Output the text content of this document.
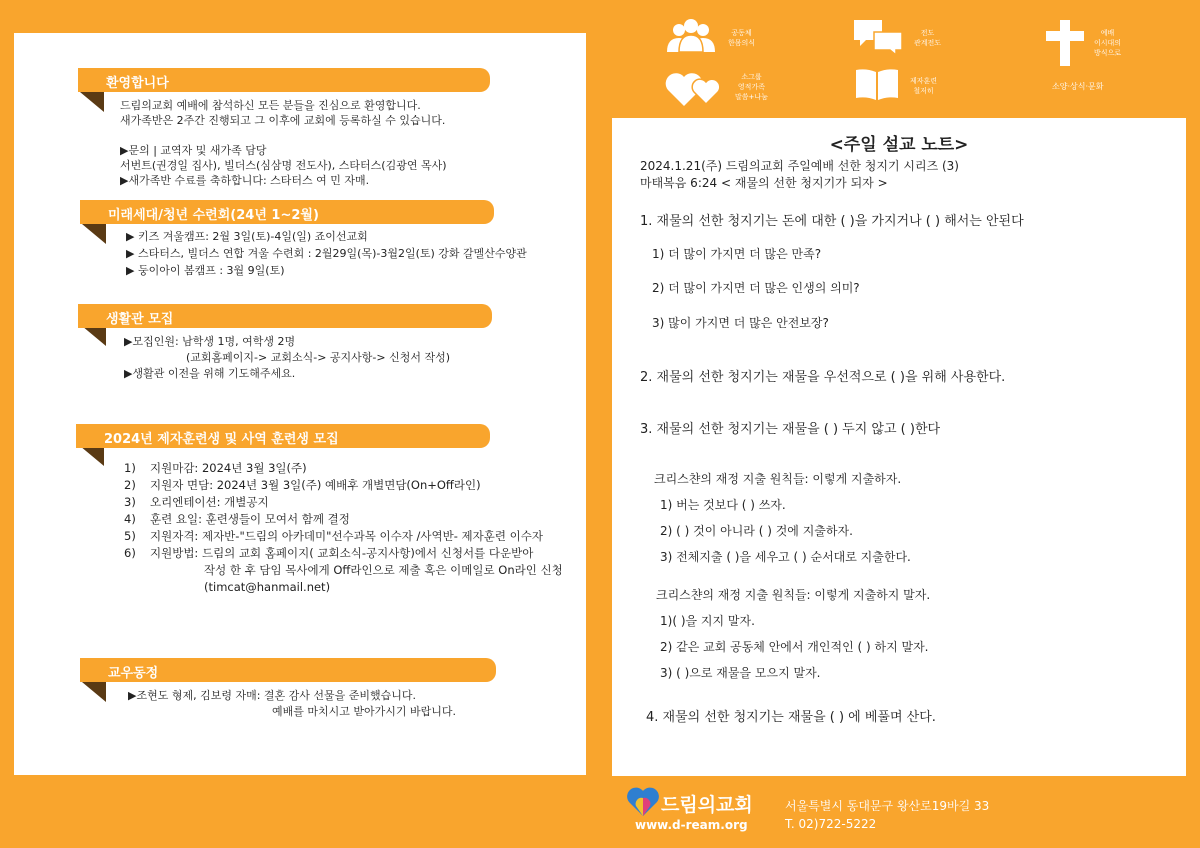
환영합니다
드림의교회 예배에 참석하신 모든 분들을 진심으로 환영합니다.
새가족반은 2주간 진행되고 그 이후에 교회에 등록하실 수 있습니다.
▶문의 | 교역자 및 새가족 담당
서번트(권경일 집사), 빌더스(심삼명 전도사), 스타터스(김광연 목사)
▶새가족반 수료를 축하합니다: 스타터스 여 민 자매.
미래세대/청년 수련회(24년 1~2월)
▶ 키즈 겨울캠프: 2월 3일(토)-4일(일) 죠이선교회
▶ 스타터스, 빌더스 연합 겨울 수련회 : 2월29일(목)-3월2일(토) 강화 갈멜산수양관
▶ 둥이아이 봄캠프 : 3월 9일(토)
생활관 모집
▶모집인원: 남학생 1명, 여학생 2명
(교회홈페이지-> 교회소식-> 공지사항-> 신청서 작성)
▶생활관 이전을 위해 기도해주세요.
2024년 제자훈련생 및 사역 훈련생 모집
1)	지원마감: 2024년 3월 3일(주)
2)	지원자 면담: 2024년 3월 3일(주) 예배후 개별면담(On+Off라인)
3)	오리엔테이션: 개별공지
4)	훈련 요일: 훈련생들이 모여서 함께 결정
5)	지원자격: 제자반-"드림의 아카데미"선수과목 이수자 /사역반- 제자훈련 이수자
6)	지원방법: 드림의 교회 홈페이지( 교회소식-공지사항)에서 신청서를 다운받아
작성 한 후 담임 목사에게 Off라인으로 제출 혹은 이메일로 On라인 신청
(timcat@hanmail.net)
교우동정
▶조현도 형제, 김보령 자매: 결혼 감사 선물을 준비했습니다.
예배를 마치시고 받아가시기 바랍니다.
공동체
한몸의식
전도
관계전도
예배
이시대의
방식으로
소그룹
영적가족
말씀+나눔
제자훈련
철저히	소양·상식·문화
<주일 설교 노트>
2024.1.21(주) 드림의교회 주일예배 선한 청지기 시리즈 (3)
마태복음 6:24 < 재물의 선한 청지기가 되자 >
1. 재물의 선한 청지기는 돈에 대한 ( )을 가지거나 ( ) 해서는 안된다
1) 더 많이 가지면 더 많은 만족?
2) 더 많이 가지면 더 많은 인생의 의미?
3) 많이 가지면 더 많은 안전보장?
2. 재물의 선한 청지기는 재물을 우선적으로 ( )을 위해 사용한다.
3. 재물의 선한 청지기는 재물을 ( ) 두지 않고 ( )한다
크리스챤의 재정 지출 원칙들: 이렇게 지출하자.
1) 버는 것보다 ( ) 쓰자.
2) ( ) 것이 아니라 ( ) 것에 지출하자.
3) 전체지출 ( )을 세우고 ( ) 순서대로 지출한다.
크리스챤의 재정 지출 원칙들: 이렇게 지출하지 말자.
1)( )을 지지 말자.
2) 같은 교회 공동체 안에서 개인적인 ( ) 하지 말자.
3) ( )으로 재물을 모으지 말자.
4. 재물의 선한 청지기는 재물을 ( ) 에 베풀며 산다.
드림의교회
www.d-ream.org
서울특별시 동대문구 왕산로19바길 33
T. 02)722-5222
